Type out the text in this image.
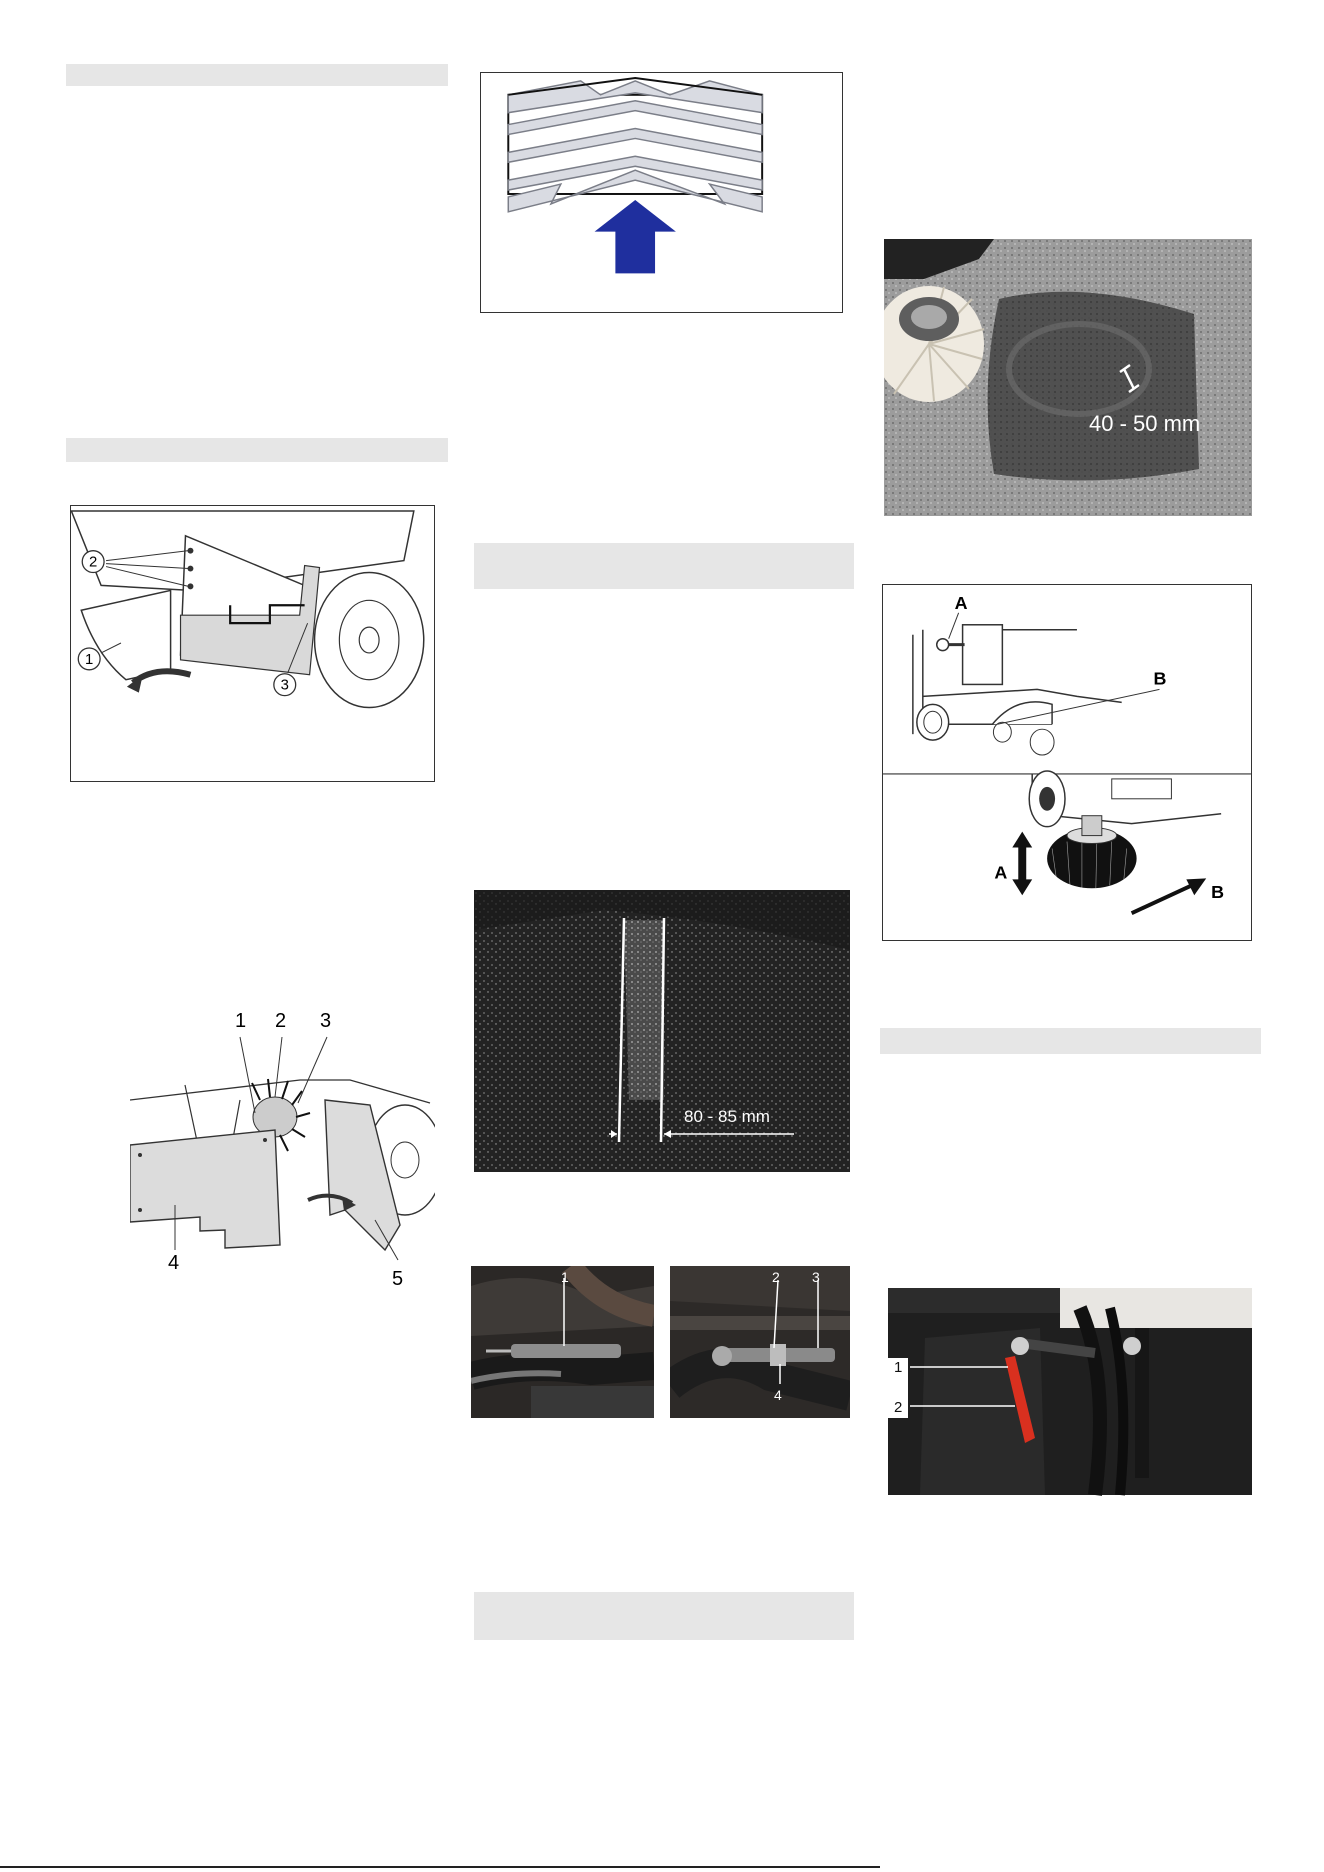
2
1
3
1 2 3
4
5
80 - 85 mm
1	2 3
4
40 - 50 mm
A
B
A
B
1
2
